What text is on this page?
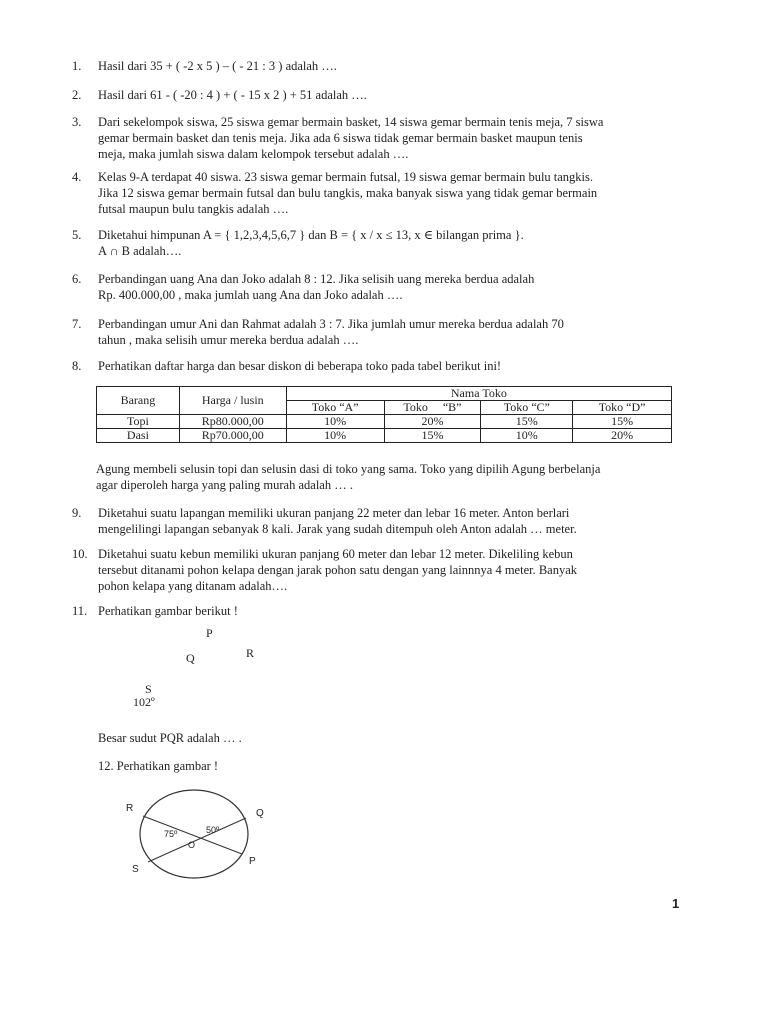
1. Hasil dari 35 + ( -2 x 5 ) – ( - 21 : 3 ) adalah ….
2. Hasil dari 61 - ( -20 : 4 ) + ( - 15 x 2 ) + 51 adalah ….
3. Dari sekelompok siswa, 25 siswa gemar bermain basket, 14 siswa gemar bermain tenis meja, 7 siswa
gemar bermain basket dan tenis meja. Jika ada 6 siswa tidak gemar bermain basket maupun tenis
meja, maka jumlah siswa dalam kelompok tersebut adalah ….
4. Kelas 9-A terdapat 40 siswa. 23 siswa gemar bermain futsal, 19 siswa gemar bermain bulu tangkis.
Jika 12 siswa gemar bermain futsal dan bulu tangkis, maka banyak siswa yang tidak gemar bermain
futsal maupun bulu tangkis adalah ….
5. Diketahui himpunan A = { 1,2,3,4,5,6,7 } dan B = { x / x ≤ 13, x ∈ bilangan prima }.
A ∩ B adalah….
6. Perbandingan uang Ana dan Joko adalah 8 : 12. Jika selisih uang mereka berdua adalah
Rp. 400.000,00 , maka jumlah uang Ana dan Joko adalah ….
7. Perbandingan umur Ani dan Rahmat adalah 3 : 7. Jika jumlah umur mereka berdua adalah 70
tahun , maka selisih umur mereka berdua adalah ….
8. Perhatikan daftar harga dan besar diskon di beberapa toko pada tabel berikut ini!
Barang	Harga / lusin	Nama Toko			
		Toko “A”	Toko     “B”	Toko “C”	Toko “D”
Topi	Rp80.000,00	10%	20%	15%	15%
Dasi	Rp70.000,00	10%	15%	10%	20%
Agung membeli selusin topi dan selusin dasi di toko yang sama. Toko yang dipilih Agung berbelanja
agar diperoleh harga yang paling murah adalah … .
9. Diketahui suatu lapangan memiliki ukuran panjang 22 meter dan lebar 16 meter. Anton berlari
mengelilingi lapangan sebanyak 8 kali. Jarak yang sudah ditempuh oleh Anton adalah … meter.
10. Diketahui suatu kebun memiliki ukuran panjang 60 meter dan lebar 12 meter. Dikeliling kebun
tersebut ditanami pohon kelapa dengan jarak pohon satu dengan yang lainnnya 4 meter. Banyak
pohon kelapa yang ditanam adalah….
11. Perhatikan gambar berikut !
P
Q	R
S
102º
Besar sudut PQR adalah … .
12. Perhatikan gambar !
R	Q
S
P
O
75º	50º
1
